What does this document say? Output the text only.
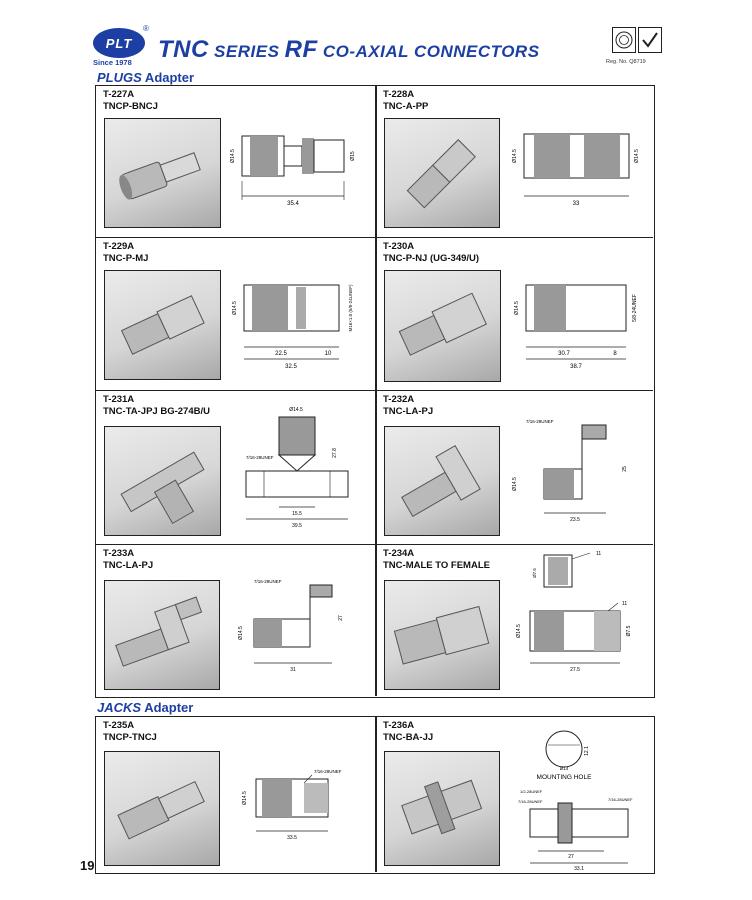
PLT
®
Since 1978 TNC SERIES RF CO-AXIAL CONNECTORS
Reg. No. Q8719
PLUGS Adapter
T-227A
TNCP-BNCJ
35.4
Ø14.5	Ø15
T-228A
TNC-A-PP
33
Ø14.5	Ø14.5
T-229A
TNC-P-MJ
22.5	10
32.5
Ø14.5	M16×1.0 (5/8-24UNEF)
T-230A
TNC-P-NJ (UG-349/U)
30.7	8
38.7
Ø14.5	5/8-24UNEF
T-231A
TNC-TA-JPJ BG-274B/U	Ø14.5
7/16-28UNEF	27.8
15.5
39.5
T-232A
TNC-LA-PJ
7/16-28UNEF
Ø14.5
23.5
25
T-233A
TNC-LA-PJ
7/16-28UNEF
Ø14.5
31
27
T-234A
TNC-MALE TO FEMALE
11
Ø7.5
11
Ø14.5	Ø7.5
27.5
JACKS Adapter
T-235A
TNCP-TNCJ
7/16-28UNEF
Ø14.5
33.5
T-236A
TNC-BA-JJ
12.1
Ø14
MOUNTING HOLE
1/2-28UNEF
7/16-28UNEF	7/16-28UNEF
27
33.1
19
